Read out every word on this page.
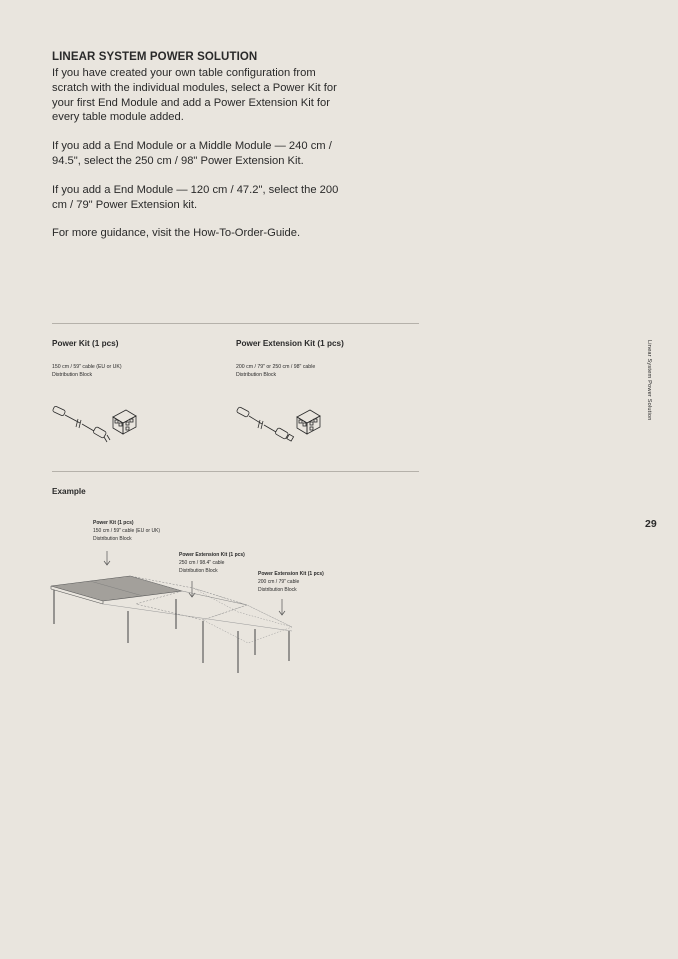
LINEAR SYSTEM POWER SOLUTION

If you have created your own table configuration from scratch with the individual modules, select a Power Kit for your first End Module and add a Power Extension Kit for every table module added.

If you add a End Module or a Middle Module — 240 cm / 94.5", select the 250 cm / 98" Power Extension Kit.

If you add a End Module — 120 cm / 47.2", select the 200 cm / 79" Power Extension kit.

For more guidance, visit the How-To-Order-Guide.

Power Kit (1 pcs)
150 cm / 59" cable (EU or UK)
Distribution Block
Power Extension Kit (1 pcs)
200 cm / 79" or 250 cm / 98" cable
Distribution Block
Example
Power Kit (1 pcs)
150 cm / 59" cable (EU or UK)
Distribution Block
Power Extension Kit (1 pcs)
250 cm / 98.4" cable
Distribution Block	Power Extension Kit (1 pcs)
200 cm / 79" cable
Distribution Block
Linear System Power Solution
29
